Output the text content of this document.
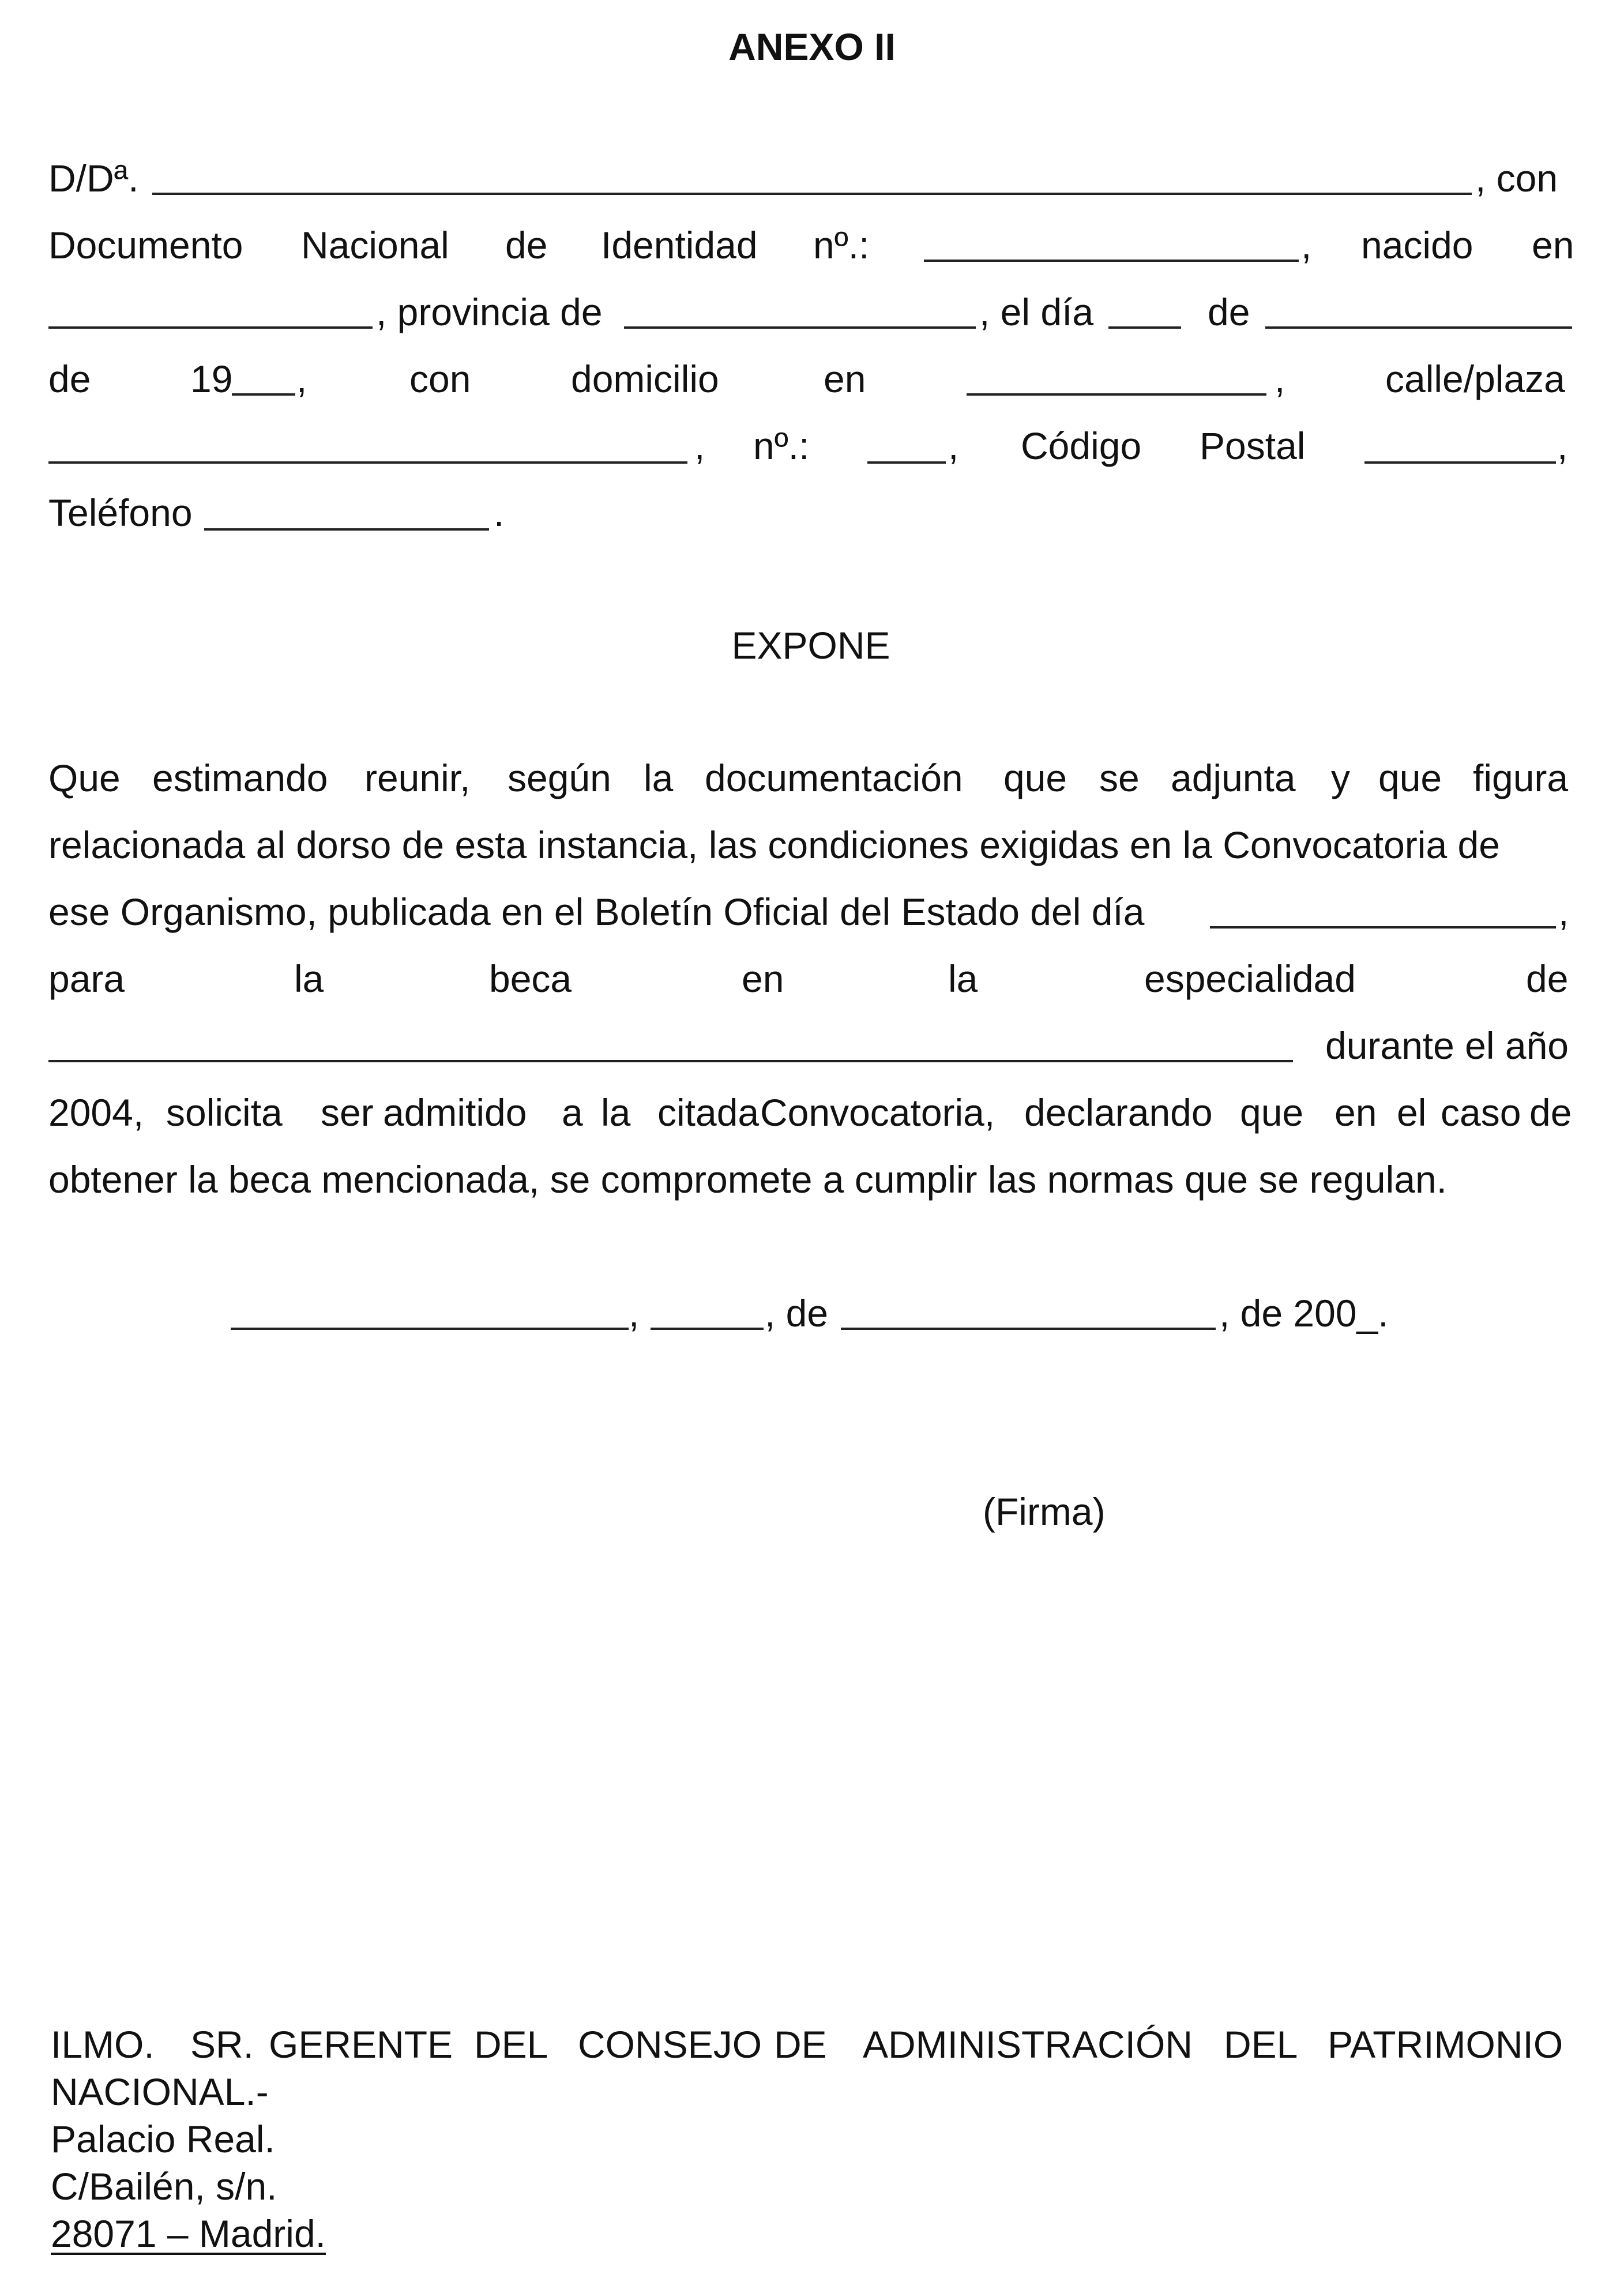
ANEXO II
D/Dª.	, con
Documento Nacional de Identidad nº.:	, nacido en
, provincia de	, el día	de
de	19 ,	con	domicilio	en	,	calle/plaza
, nº.:	, Código Postal	,
Teléfono	.
EXPONE
Que estimando reunir, según la documentación que se adjunta y que figura
relacionada al dorso de esta instancia, las condiciones exigidas en la Convocatoria de
ese Organismo, publicada en el Boletín Oficial del Estado del día	,
para	la	beca	en	la	especialidad	de
durante el año
2004, solicita ser admitido a la citada Convocatoria, declarando que en el caso de
obtener la beca mencionada, se compromete a cumplir las normas que se regulan.
,	, de	, de 200_.
(Firma)
ILMO. SR. GERENTE DEL CONSEJO DE ADMINISTRACIÓN DEL PATRIMONIO
NACIONAL.-
Palacio Real.
C/Bailén, s/n.
28071 – Madrid.
